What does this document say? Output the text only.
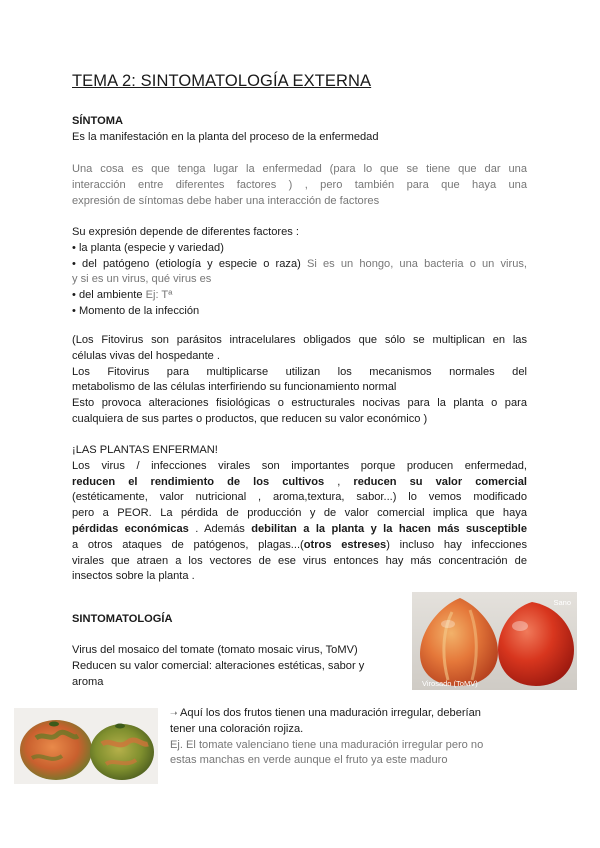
TEMA 2: SINTOMATOLOGÍA EXTERNA
SÍNTOMA
Es la manifestación en la planta del proceso de la enfermedad
Una cosa es que tenga lugar la enfermedad (para lo que se tiene que dar una
interacción entre diferentes factores ) , pero también para que haya una
expresión de síntomas debe haber una interacción de factores
Su expresión depende de diferentes factores :
• la planta (especie y variedad)
• del patógeno (etiología y especie o raza) Si es un hongo, una bacteria o un virus,
y si es un virus, qué virus es
• del ambiente Ej: Tª
• Momento de la infección
(Los Fitovirus son parásitos intracelulares obligados que sólo se multiplican en las
células vivas del hospedante .
Los Fitovirus para multiplicarse utilizan los mecanismos normales del
metabolismo de las células interfiriendo su funcionamiento normal
Esto provoca alteraciones fisiológicas o estructurales nocivas para la planta o para
cualquiera de sus partes o productos, que reducen su valor económico )
¡LAS PLANTAS ENFERMAN!
Los virus / infecciones virales son importantes porque producen enfermedad,
reducen el rendimiento de los cultivos , reducen su valor comercial
(estéticamente, valor nutricional , aroma,textura, sabor...) lo vemos modificado
pero a PEOR. La pérdida de producción y de valor comercial implica que haya
pérdidas económicas . Además debilitan a la planta y la hacen más susceptible
a otros ataques de patógenos, plagas...(otros estreses) incluso hay infecciones
virales que atraen a los vectores de ese virus entonces hay más concentración de
insectos sobre la planta .
SINTOMATOLOGÍA
Virus del mosaico del tomate (tomato mosaic virus, ToMV)
Reducen su valor comercial: alteraciones estéticas, sabor y
aroma
Sano
Virosado (ToMV)
➝ Aquí los dos frutos tienen una maduración irregular, deberían
tener una coloración rojiza.
Ej. El tomate valenciano tiene una maduración irregular pero no
estas manchas en verde aunque el fruto ya este maduro
